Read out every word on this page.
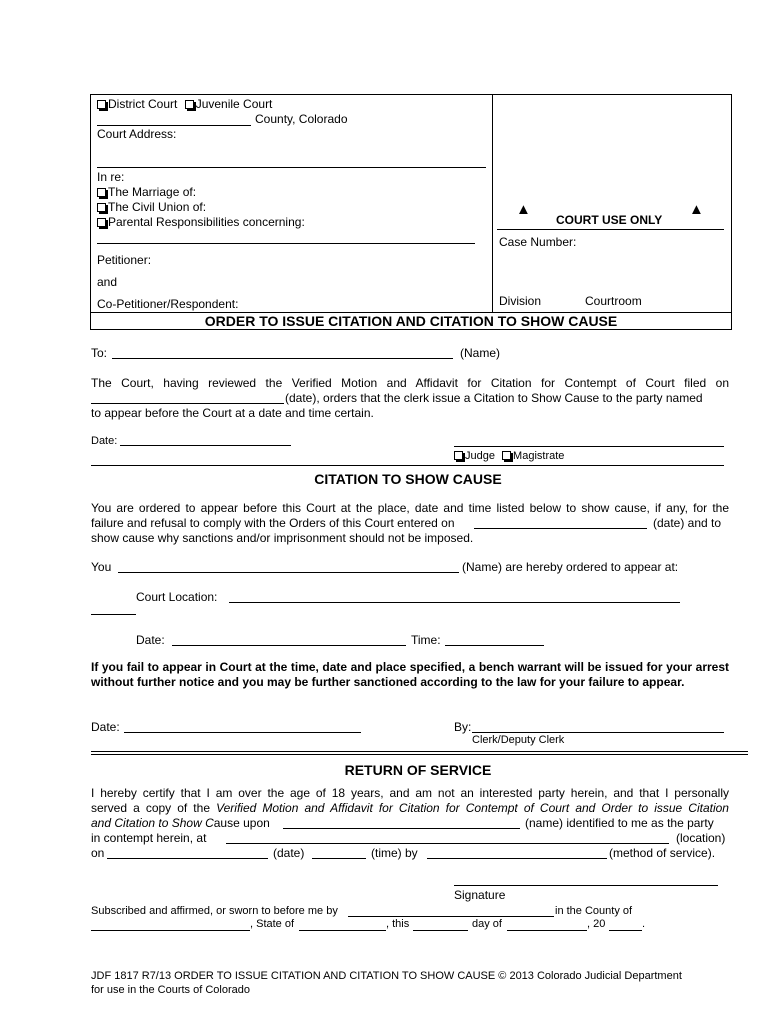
District Court Juvenile Court
County, Colorado
Court Address:
In re:
The Marriage of:
The Civil Union of:
Parental Responsibilities concerning:
Petitioner:
and
Co-Petitioner/Respondent:
▲
COURT USE ONLY
▲
Case Number:
Division	Courtroom
ORDER TO ISSUE CITATION AND CITATION TO SHOW CAUSE
To:	(Name)
The Court, having reviewed the Verified Motion and Affidavit for Citation for Contempt of Court filed on
(date), orders that the clerk issue a Citation to Show Cause to the party named
to appear before the Court at a date and time certain.
Date:
Judge Magistrate
CITATION TO SHOW CAUSE
You are ordered to appear before this Court at the place, date and time listed below to show cause, if any, for the
failure and refusal to comply with the Orders of this Court entered on	(date) and to
show cause why sanctions and/or imprisonment should not be imposed.
You	(Name) are hereby ordered to appear at:
Court Location:
Date:	Time:
If you fail to appear in Court at the time, date and place specified, a bench warrant will be issued for your arrest without further notice and you may be further sanctioned according to the law for your failure to appear.
Date:	By:
Clerk/Deputy Clerk
RETURN OF SERVICE
I hereby certify that I am over the age of 18 years, and am not an interested party herein, and that I personally
served a copy of the Verified Motion and Affidavit for Citation for Contempt of Court and Order to issue Citation
and Citation to Show Cause upon	(name) identified to me as the party
in contempt herein, at	(location)
on	(date)	(time) by	(method of service).
Signature
Subscribed and affirmed, or sworn to before me by	in the County of
, State of	, this	day of	, 20	.
JDF 1817 R7/13 ORDER TO ISSUE CITATION AND CITATION TO SHOW CAUSE © 2013 Colorado Judicial Department
for use in the Courts of Colorado
